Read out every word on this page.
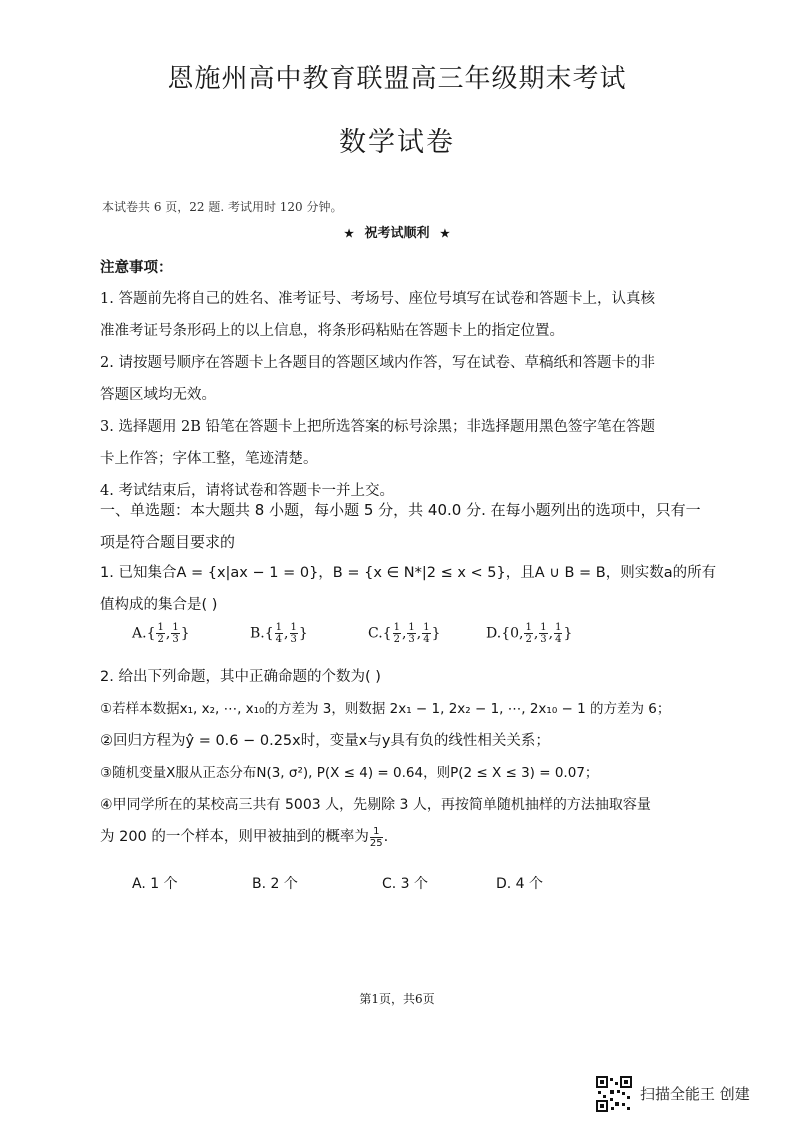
恩施州高中教育联盟高三年级期末考试
数学试卷
本试卷共 6 页，22 题. 考试用时 120 分钟。
★ 祝考试顺利 ★
注意事项：
1. 答题前先将自己的姓名、准考证号、考场号、座位号填写在试卷和答题卡上，认真核
准准考证号条形码上的以上信息，将条形码粘贴在答题卡上的指定位置。
2. 请按题号顺序在答题卡上各题目的答题区域内作答，写在试卷、草稿纸和答题卡的非
答题区域均无效。
3. 选择题用 2B 铅笔在答题卡上把所选答案的标号涂黑；非选择题用黑色签字笔在答题
卡上作答；字体工整，笔迹清楚。
4. 考试结束后，请将试卷和答题卡一并上交。
一、单选题：本大题共 8 小题，每小题 5 分，共 40.0 分. 在每小题列出的选项中，只有一
项是符合题目要求的
1. 已知集合A = {x|ax − 1 = 0}，B = {x ∈ N*|2 ≤ x < 5}，且A ∪ B = B，则实数a的所有
值构成的集合是( )
$A.\{ \frac{1}{2}$ , $\frac{1}{3}$ }	$B.\{ \frac{1}{4}$ , $\frac{1}{3}$ }	$C.\{ \frac{1}{2}$ , $\frac{1}{3}$ , $\frac{1}{4}$ }	D.{0, $\frac{1}{2}$ , $\frac{1}{3}$ , $\frac{1}{4}$ }
2. 给出下列命题，其中正确命题的个数为( )
①若样本数据x₁, x₂, ⋯, x₁₀的方差为 3，则数据 2x₁ − 1, 2x₂ − 1, ⋯, 2x₁₀ − 1 的方差为 6；
②回归方程为ŷ = 0.6 − 0.25x时，变量x与y具有负的线性相关关系；
③随机变量X服从正态分布N(3, σ²), P(X ≤ 4) = 0.64，则P(2 ≤ X ≤ 3) = 0.07；
④甲同学所在的某校高三共有 5003 人，先剔除 3 人，再按简单随机抽样的方法抽取容量
为 200 的一个样本，则甲被抽到的概率为 $\frac{1}{25}$ .
A. 1 个	B. 2 个	C. 3 个	D. 4 个
第1页，共6页
扫描全能王 创建
